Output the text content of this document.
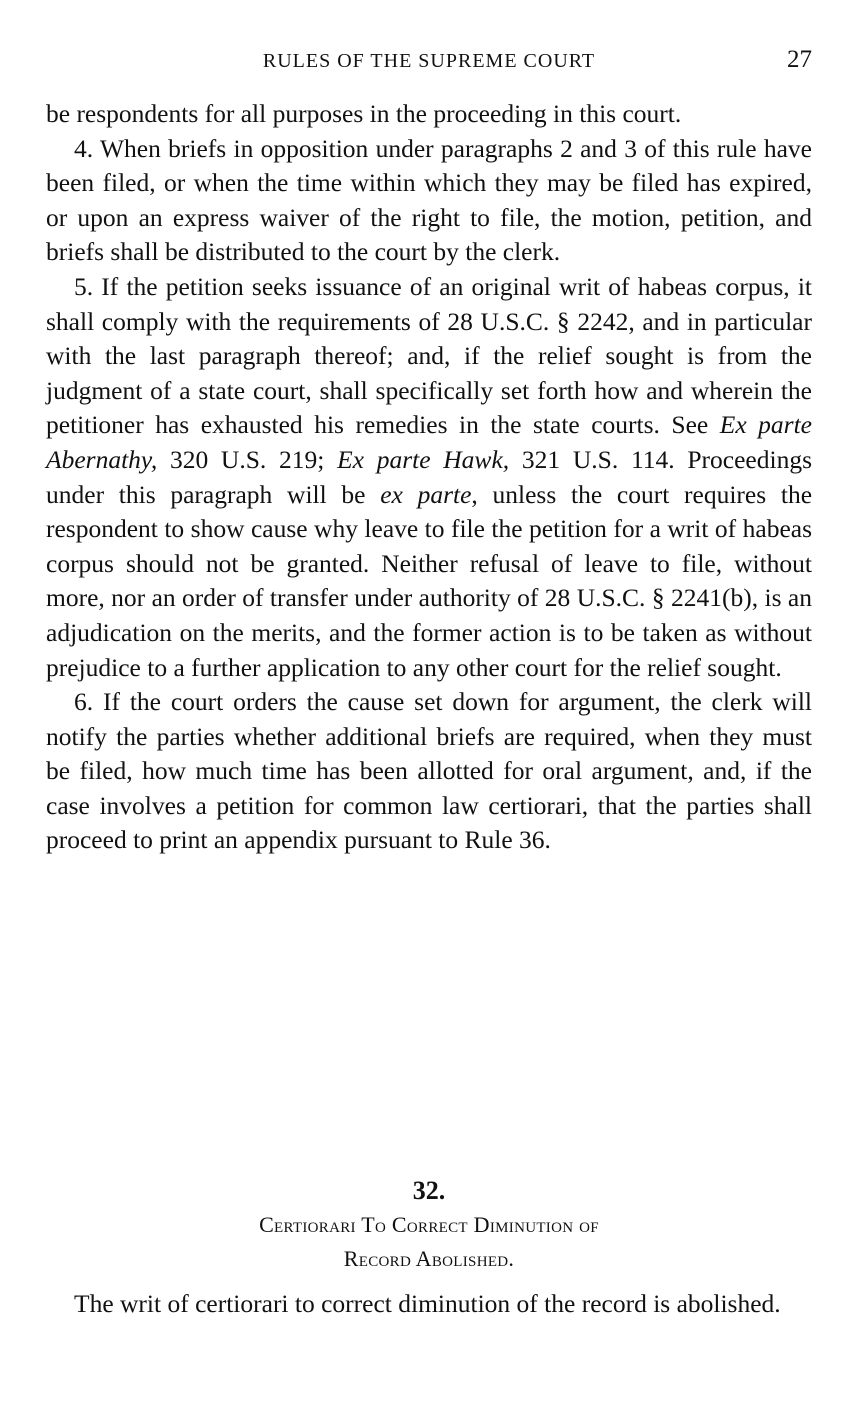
RULES OF THE SUPREME COURT	27

be respondents for all purposes in the proceeding in this court.

4. When briefs in opposition under paragraphs 2 and 3 of this rule have been filed, or when the time within which they may be filed has expired, or upon an express waiver of the right to file, the motion, petition, and briefs shall be distributed to the court by the clerk.

5. If the petition seeks issuance of an original writ of habeas corpus, it shall comply with the requirements of 28 U.S.C. § 2242, and in particular with the last paragraph thereof; and, if the relief sought is from the judgment of a state court, shall specifically set forth how and wherein the petitioner has exhausted his remedies in the state courts. See Ex parte Abernathy, 320 U.S. 219; Ex parte Hawk, 321 U.S. 114. Proceedings under this paragraph will be ex parte, unless the court requires the respondent to show cause why leave to file the petition for a writ of habeas corpus should not be granted. Neither refusal of leave to file, without more, nor an order of transfer under authority of 28 U.S.C. § 2241(b), is an adjudication on the merits, and the former action is to be taken as without prejudice to a further application to any other court for the relief sought.

6. If the court orders the cause set down for argument, the clerk will notify the parties whether additional briefs are required, when they must be filed, how much time has been allotted for oral argument, and, if the case involves a petition for common law certiorari, that the parties shall proceed to print an appendix pursuant to Rule 36.

32.
Certiorari To Correct Diminution of
Record Abolished.

The writ of certiorari to correct diminution of the record is abolished.
